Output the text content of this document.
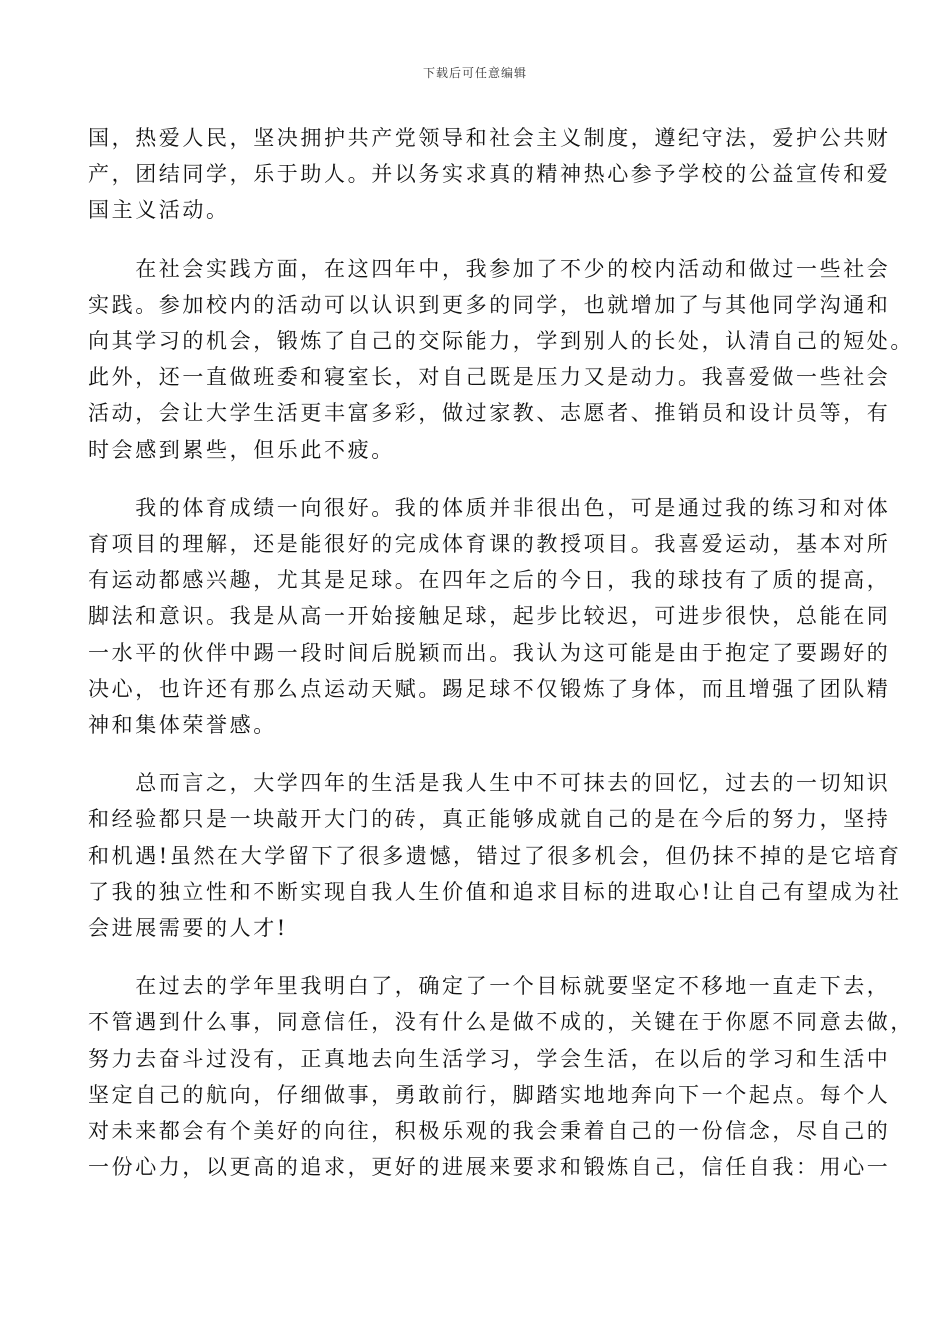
下载后可任意编辑

国，热爱人民，坚决拥护共产党领导和社会主义制度，遵纪守法，爱护公共财
产，团结同学，乐于助人。并以务实求真的精神热心参予学校的公益宣传和爱
国主义活动。

　　在社会实践方面，在这四年中，我参加了不少的校内活动和做过一些社会
实践。参加校内的活动可以认识到更多的同学，也就增加了与其他同学沟通和
向其学习的机会，锻炼了自己的交际能力，学到别人的长处，认清自己的短处。
此外，还一直做班委和寝室长，对自己既是压力又是动力。我喜爱做一些社会
活动，会让大学生活更丰富多彩，做过家教、志愿者、推销员和设计员等，有
时会感到累些，但乐此不疲。

　　我的体育成绩一向很好。我的体质并非很出色，可是通过我的练习和对体
育项目的理解，还是能很好的完成体育课的教授项目。我喜爱运动，基本对所
有运动都感兴趣，尤其是足球。在四年之后的今日，我的球技有了质的提高，
脚法和意识。我是从高一开始接触足球，起步比较迟，可进步很快，总能在同
一水平的伙伴中踢一段时间后脱颖而出。我认为这可能是由于抱定了要踢好的
决心，也许还有那么点运动天赋。踢足球不仅锻炼了身体，而且增强了团队精
神和集体荣誉感。

　　总而言之，大学四年的生活是我人生中不可抹去的回忆，过去的一切知识
和经验都只是一块敲开大门的砖，真正能够成就自己的是在今后的努力，坚持
和机遇!虽然在大学留下了很多遗憾，错过了很多机会，但仍抹不掉的是它培育
了我的独立性和不断实现自我人生价值和追求目标的进取心!让自己有望成为社
会进展需要的人才!

　　在过去的学年里我明白了，确定了一个目标就要坚定不移地一直走下去，
不管遇到什么事，同意信任，没有什么是做不成的，关键在于你愿不同意去做，
努力去奋斗过没有，正真地去向生活学习，学会生活，在以后的学习和生活中
坚定自己的航向，仔细做事，勇敢前行，脚踏实地地奔向下一个起点。每个人
对未来都会有个美好的向往，积极乐观的我会秉着自己的一份信念，尽自己的
一份心力，以更高的追求，更好的进展来要求和锻炼自己，信任自我：用心一
